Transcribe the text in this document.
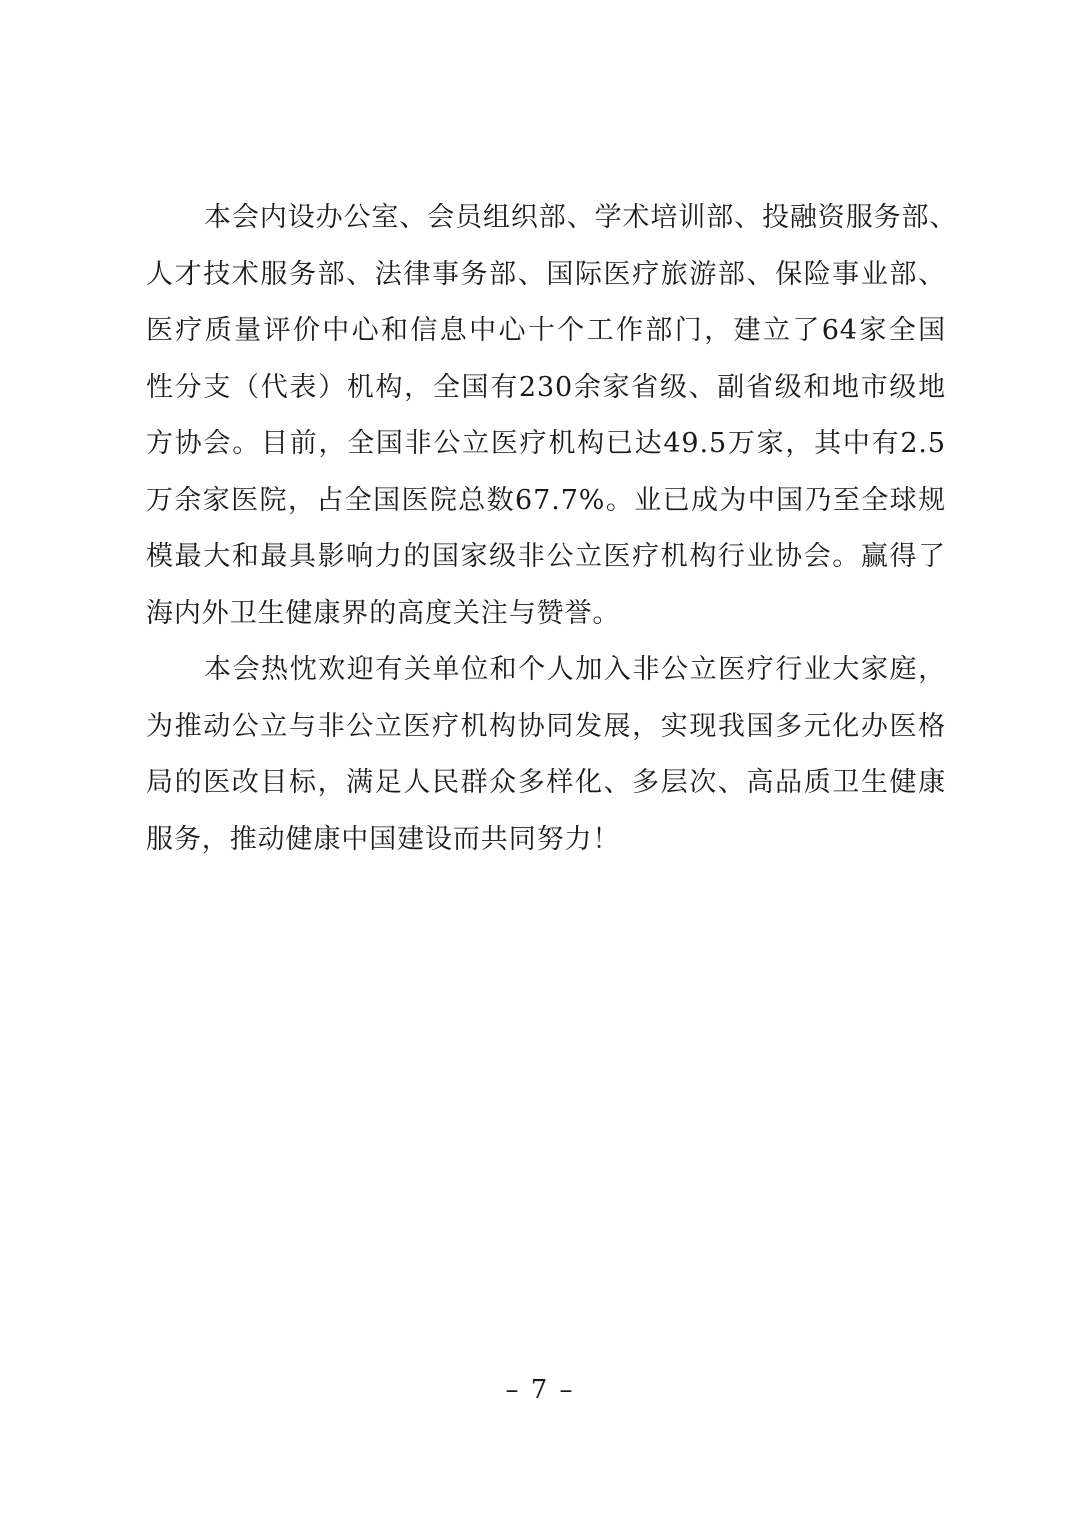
本会内设办公室、会员组织部、学术培训部、投融资服务部、
人才技术服务部、法律事务部、国际医疗旅游部、保险事业部、
医疗质量评价中心和信息中心十个工作部门，建立了64家全国
性分支（代表）机构，全国有230余家省级、副省级和地市级地
方协会。目前，全国非公立医疗机构已达49.5万家，其中有2.5
万余家医院，占全国医院总数67.7%。业已成为中国乃至全球规
模最大和最具影响力的国家级非公立医疗机构行业协会。赢得了
海内外卫生健康界的高度关注与赞誉。
本会热忱欢迎有关单位和个人加入非公立医疗行业大家庭，
为推动公立与非公立医疗机构协同发展，实现我国多元化办医格
局的医改目标，满足人民群众多样化、多层次、高品质卫生健康
服务，推动健康中国建设而共同努力！
– 7 –
